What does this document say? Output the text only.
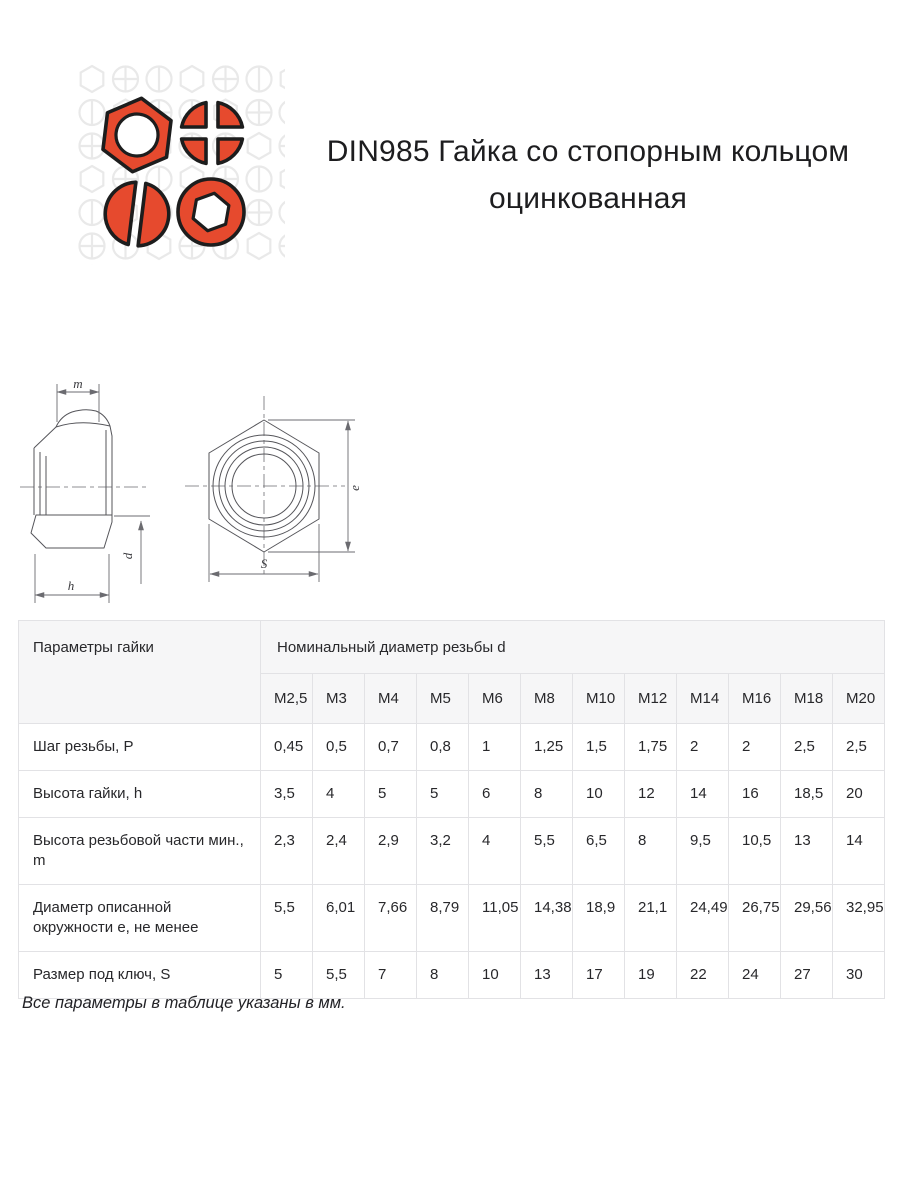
DIN985 Гайка со стопорным кольцом
оцинкованная
m
d
h
e
S
Параметры гайки	Номинальный диаметр резьбы d											
	M2,5	M3	M4	M5	M6	M8	M10	M12	M14	M16	M18	M20
Шаг резьбы, P	0,45	0,5	0,7	0,8	1	1,25	1,5	1,75	2	2	2,5	2,5
Высота гайки, h	3,5	4	5	5	6	8	10	12	14	16	18,5	20
Высота резьбовой части мин., m	2,3	2,4	2,9	3,2	4	5,5	6,5	8	9,5	10,5	13	14
Диаметр описанной окружности е, не менее	5,5	6,01	7,66	8,79	11,05	14,38	18,9	21,1	24,49	26,75	29,56	32,95
Размер под ключ, S	5	5,5	7	8	10	13	17	19	22	24	27	30

Все параметры в таблице указаны в мм.
